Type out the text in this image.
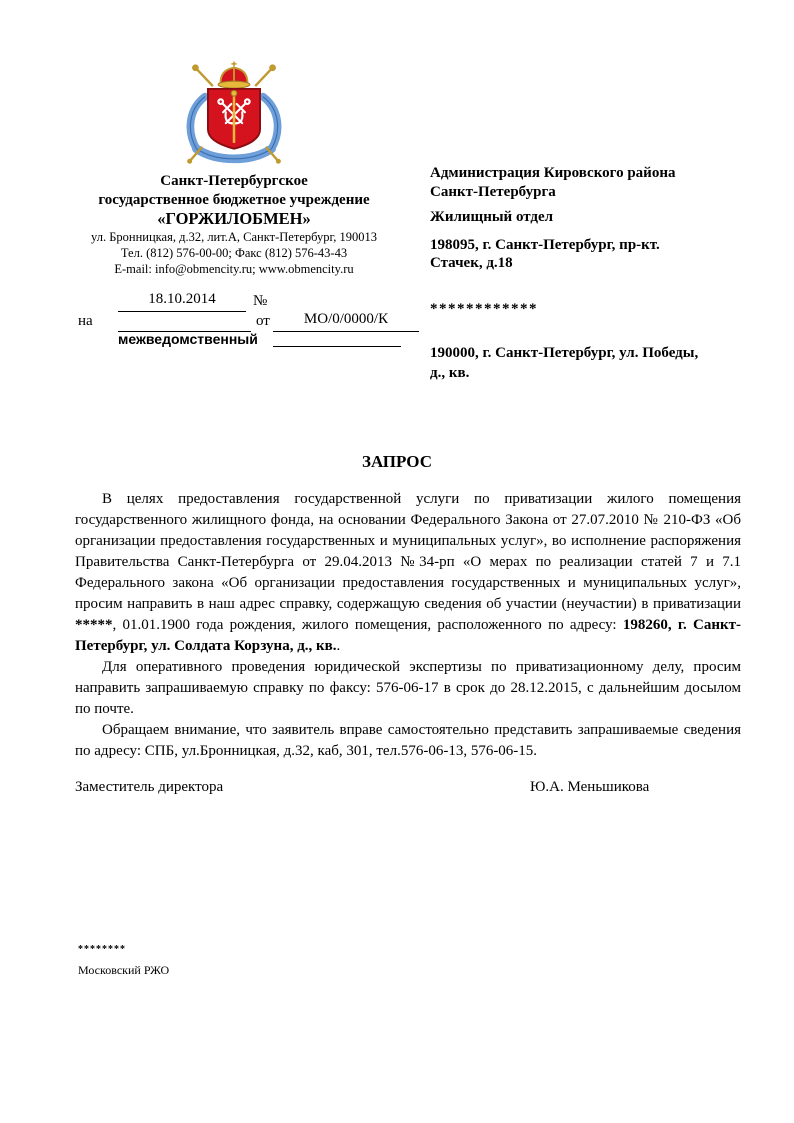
Санкт-Петербургское
государственное бюджетное учреждение
«ГОРЖИЛОБМЕН»
ул. Бронницкая, д.32, лит.А, Санкт-Петербург, 190013
Тел. (812) 576-00-00; Факс (812) 576-43-43
E-mail: info@obmencity.ru; www.obmencity.ru
Администрация Кировского района
Санкт-Петербурга
Жилищный отдел
198095, г. Санкт-Петербург, пр-кт.
Стачек, д.18
18.10.2014	№
на	от	МО/0/0000/К
межведомственный
************
190000, г. Санкт-Петербург, ул. Победы,
д., кв.
ЗАПРОС

В целях предоставления государственной услуги по приватизации жилого помещения государственного жилищного фонда, на основании Федерального Закона от 27.07.2010 № 210-ФЗ «Об организации предоставления государственных и муниципальных услуг», во исполнение распоряжения Правительства Санкт-Петербурга от 29.04.2013 №34-рп «О мерах по реализации статей 7 и 7.1 Федерального закона «Об организации предоставления государственных и муниципальных услуг», просим направить в наш адрес справку, содержащую сведения об участии (неучастии) в приватизации *****, 01.01.1900 года рождения, жилого помещения, расположенного по адресу: 198260, г. Санкт-Петербург, ул. Солдата Корзуна, д., кв..

Для оперативного проведения юридической экспертизы по приватизационному делу, просим направить запрашиваемую справку по факсу: 576-06-17 в срок до 28.12.2015, с дальнейшим досылом по почте.

Обращаем внимание, что заявитель вправе самостоятельно представить запрашиваемые сведения по адресу: СПБ, ул.Бронницкая, д.32, каб, 301, тел.576-06-13, 576-06-15.

Заместитель директора	Ю.А. Меньшикова
********
Московский РЖО
